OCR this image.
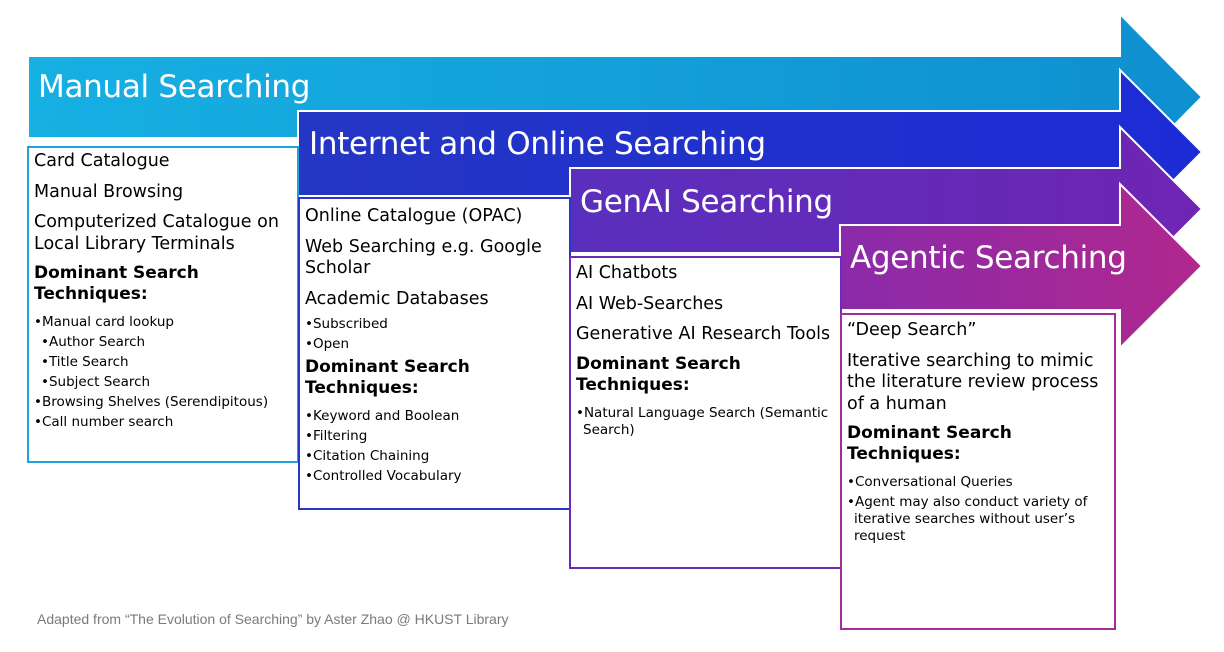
Manual Searching
Internet and Online Searching
GenAI Searching
Agentic Searching
Card Catalogue
Manual Browsing
Computerized Catalogue on Local Library Terminals
Dominant Search Techniques:
•Manual card lookup
•Author Search
•Title Search
•Subject Search
•Browsing Shelves (Serendipitous)
•Call number search
Online Catalogue (OPAC)
Web Searching e.g. Google Scholar
Academic Databases
•Subscribed
•Open
Dominant Search Techniques:
•Keyword and Boolean
•Filtering
•Citation Chaining
•Controlled Vocabulary
AI Chatbots
AI Web-Searches
Generative AI Research Tools
Dominant Search Techniques:
•Natural Language Search (Semantic Search)
“Deep Search”
Iterative searching to mimic the literature review process of a human
Dominant Search Techniques:
•Conversational Queries
•Agent may also conduct variety of iterative searches without user’s request
Adapted from “The Evolution of Searching” by Aster Zhao @ HKUST Library
